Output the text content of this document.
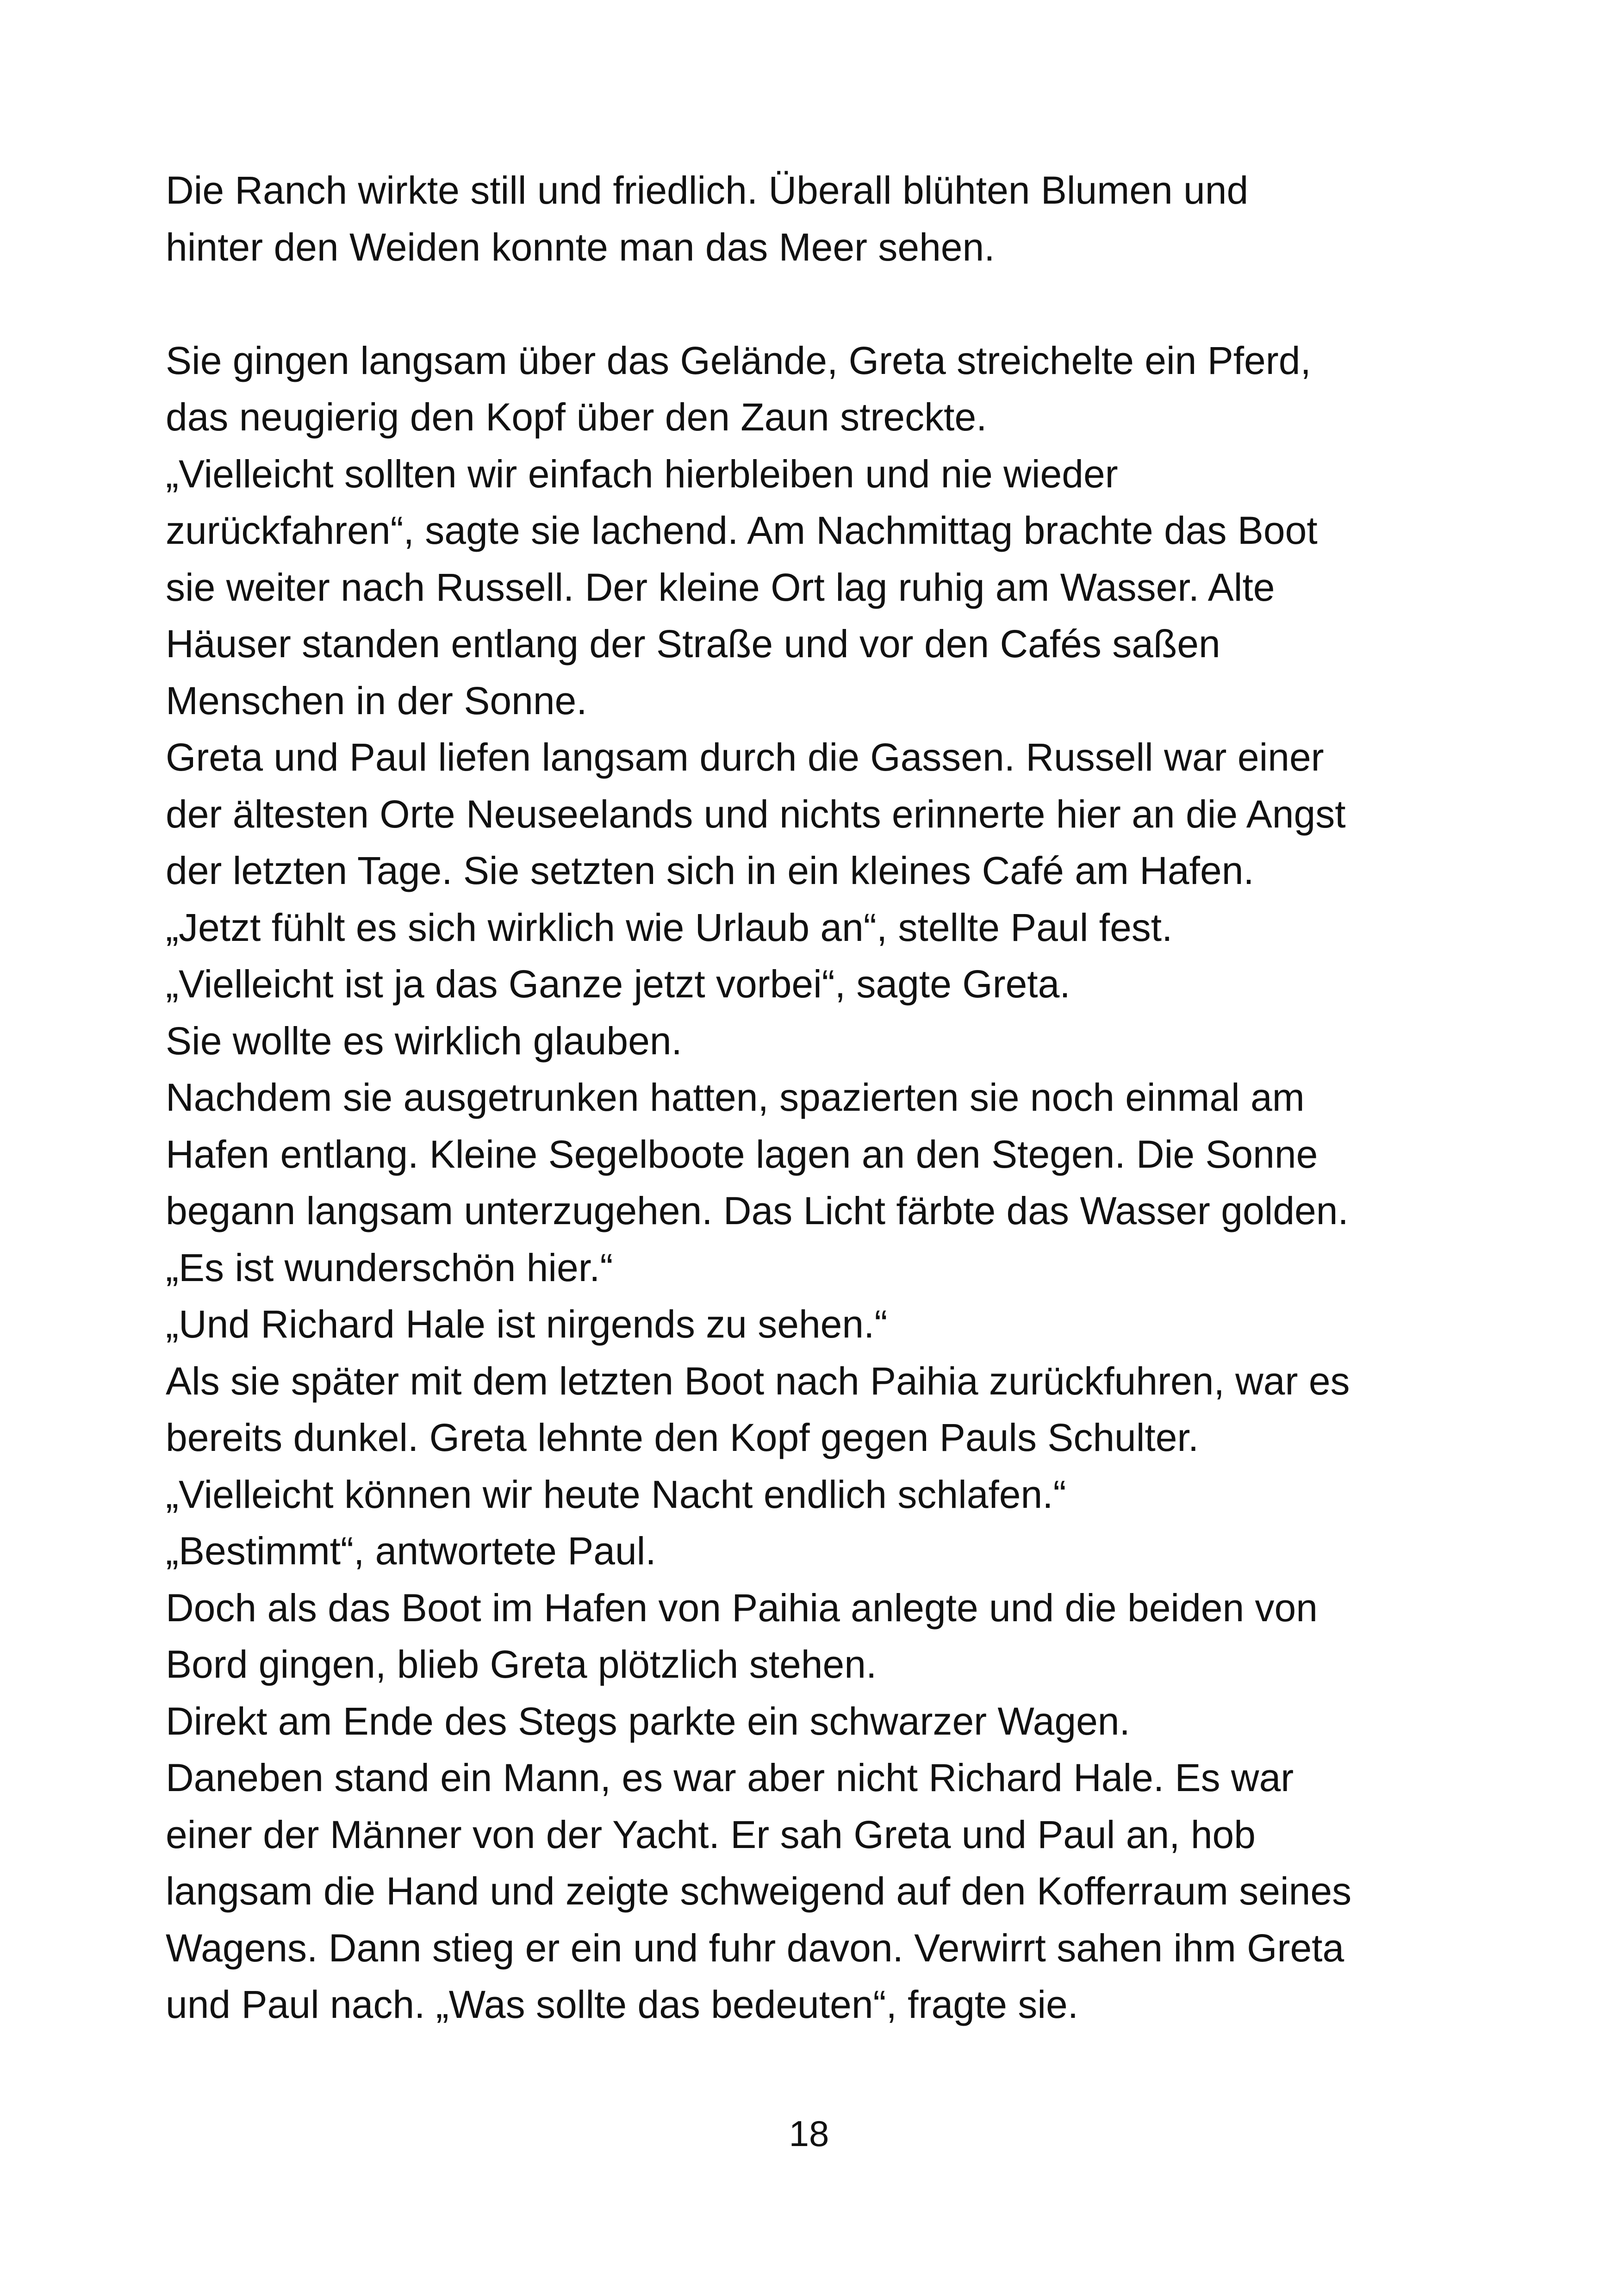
Die Ranch wirkte still und friedlich. Überall blühten Blumen und
hinter den Weiden konnte man das Meer sehen.
Sie gingen langsam über das Gelände, Greta streichelte ein Pferd,
das neugierig den Kopf über den Zaun streckte.
„Vielleicht sollten wir einfach hierbleiben und nie wieder
zurückfahren“, sagte sie lachend. Am Nachmittag brachte das Boot
sie weiter nach Russell. Der kleine Ort lag ruhig am Wasser. Alte
Häuser standen entlang der Straße und vor den Cafés saßen
Menschen in der Sonne.
Greta und Paul liefen langsam durch die Gassen. Russell war einer
der ältesten Orte Neuseelands und nichts erinnerte hier an die Angst
der letzten Tage. Sie setzten sich in ein kleines Café am Hafen.
„Jetzt fühlt es sich wirklich wie Urlaub an“, stellte Paul fest.
„Vielleicht ist ja das Ganze jetzt vorbei“, sagte Greta.
Sie wollte es wirklich glauben.
Nachdem sie ausgetrunken hatten, spazierten sie noch einmal am
Hafen entlang. Kleine Segelboote lagen an den Stegen. Die Sonne
begann langsam unterzugehen. Das Licht färbte das Wasser golden.
„Es ist wunderschön hier.“
„Und Richard Hale ist nirgends zu sehen.“
Als sie später mit dem letzten Boot nach Paihia zurückfuhren, war es
bereits dunkel. Greta lehnte den Kopf gegen Pauls Schulter.
„Vielleicht können wir heute Nacht endlich schlafen.“
„Bestimmt“, antwortete Paul.
Doch als das Boot im Hafen von Paihia anlegte und die beiden von
Bord gingen, blieb Greta plötzlich stehen.
Direkt am Ende des Stegs parkte ein schwarzer Wagen.
Daneben stand ein Mann, es war aber nicht Richard Hale. Es war
einer der Männer von der Yacht. Er sah Greta und Paul an, hob
langsam die Hand und zeigte schweigend auf den Kofferraum seines
Wagens. Dann stieg er ein und fuhr davon. Verwirrt sahen ihm Greta
und Paul nach. „Was sollte das bedeuten“, fragte sie.
18
